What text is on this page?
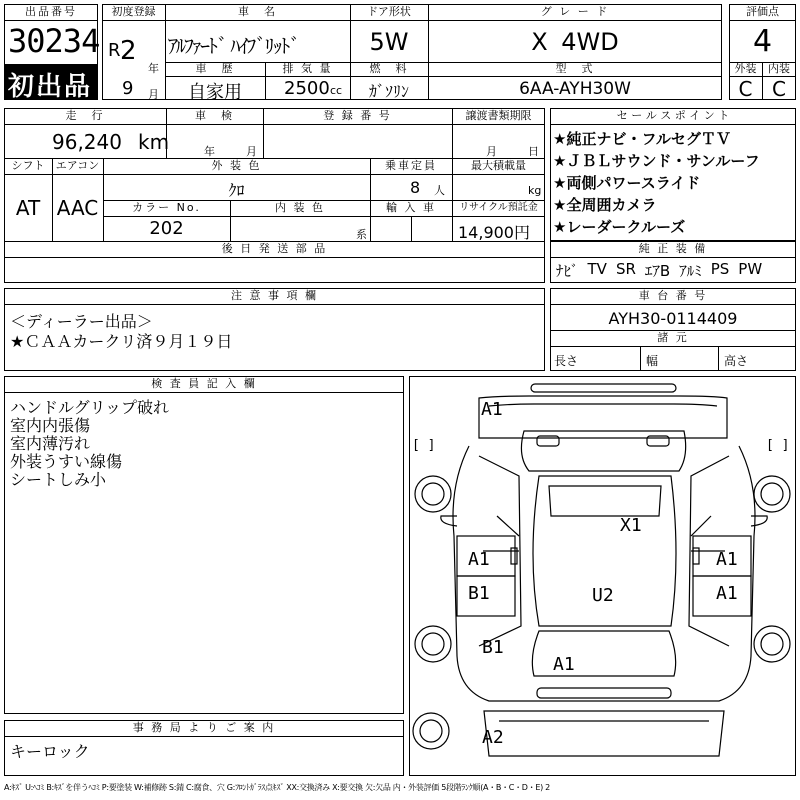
出品番号
30234
初出品
初度登録
R 2
年
9 月
車　名
ｱﾙﾌｧｰﾄﾞ ﾊｲﾌﾞﾘｯﾄﾞ
ドア形状
5W
グ レ ー ド
X 4WD
車　歴
自家用
排 気 量
2500 cc
燃　料
ｶﾞｿﾘﾝ
型　式
6AA-AYH30W
評価点
4
外装	内装
C C
走　行
96,240 km
車　検
年	月
登 録 番 号	譲渡書類期限
月	日
シフト
AT
エアコン
AAC
外 装 色
ｸﾛ
乗車定員
8 人
最大積載量
kg
カラー No.
202
内 装 色
系
輸 入 車	リサイクル預託金
14,900円
後 日 発 送 部 品
セ ー ル ス ポ イ ン ト
★純正ナビ・フルセグＴＶ
★ＪＢＬサウンド・サンルーフ
★両側パワースライド
★全周囲カメラ
★レーダークルーズ
純 正 装 備
ﾅﾋﾞ TV SR ｴｱB ｱﾙﾐ PS PW
注 意 事 項 欄
＜ディーラー出品＞
★ＣＡＡカークリ済９月１９日
車 台 番 号
AYH30-0114409
諸 元
長さ	幅	高さ
検 査 員 記 入 欄
ハンドルグリップ破れ
室内内張傷
室内薄汚れ
外装うすい線傷
シートしみ小
事 務 局 よ り ご 案 内
キーロック
A1
X1
A1	A1
B1	U2	A1
B1
A1
A2
[ ]	[ ]
A:ｷｽﾞ U:ﾍｺﾐ B:ｷｽﾞを伴うﾍｺﾐ P:要塗装 W:補修跡 S:錆 C:腐食、穴 G:ﾌﾛﾝﾄｶﾞﾗｽ点ｷｽﾞ XX:交換済み X:要交換 欠:欠品 内・外装評価 5段階ﾗﾝｸ順(A・B・C・D・E) 2
